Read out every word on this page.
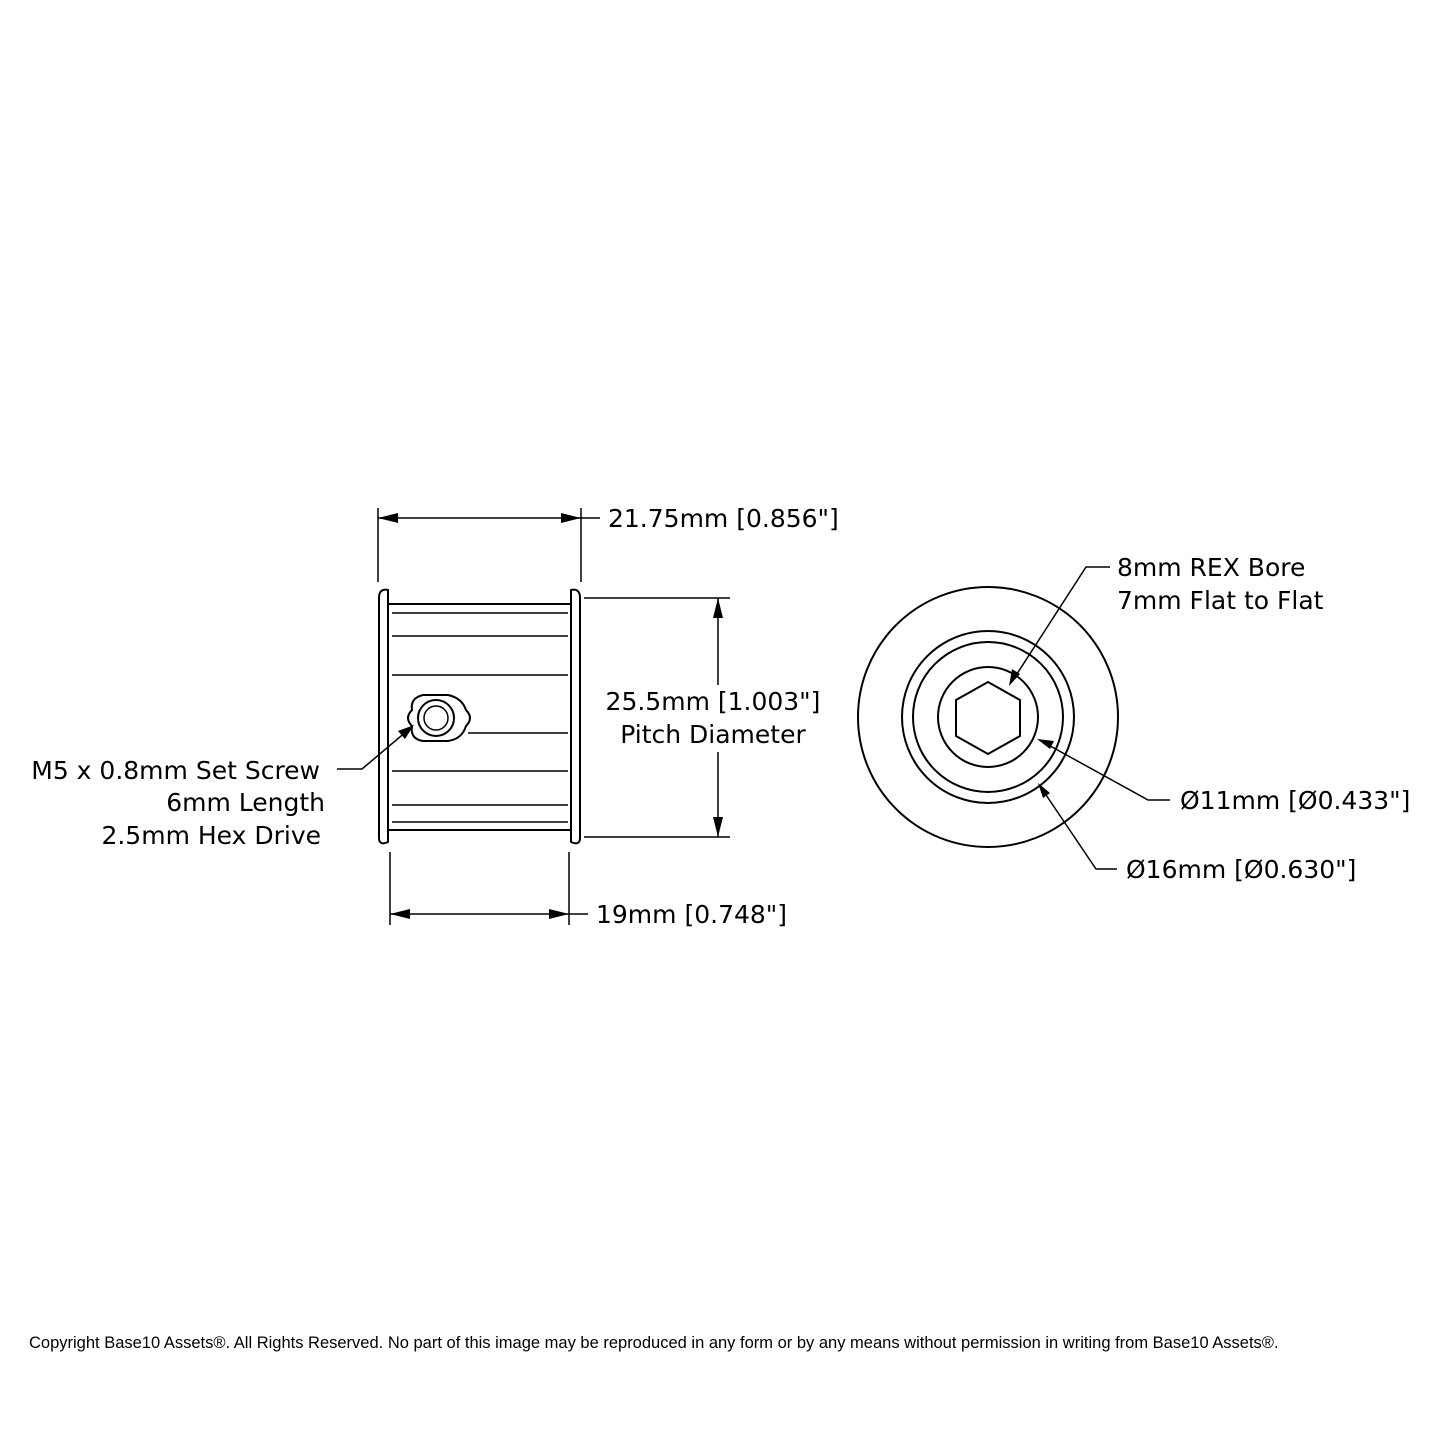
21.75mm [0.856"]
25.5mm [1.003"]
Pitch Diameter
19mm [0.748"]
M5 x 0.8mm Set Screw
6mm Length
2.5mm Hex Drive
8mm REX Bore
7mm Flat to Flat
Ø11mm [Ø0.433"]
Ø16mm [Ø0.630"]
Copyright Base10 Assets®. All Rights Reserved. No part of this image may be reproduced in any form or by any means without permission in writing from Base10 Assets®.
